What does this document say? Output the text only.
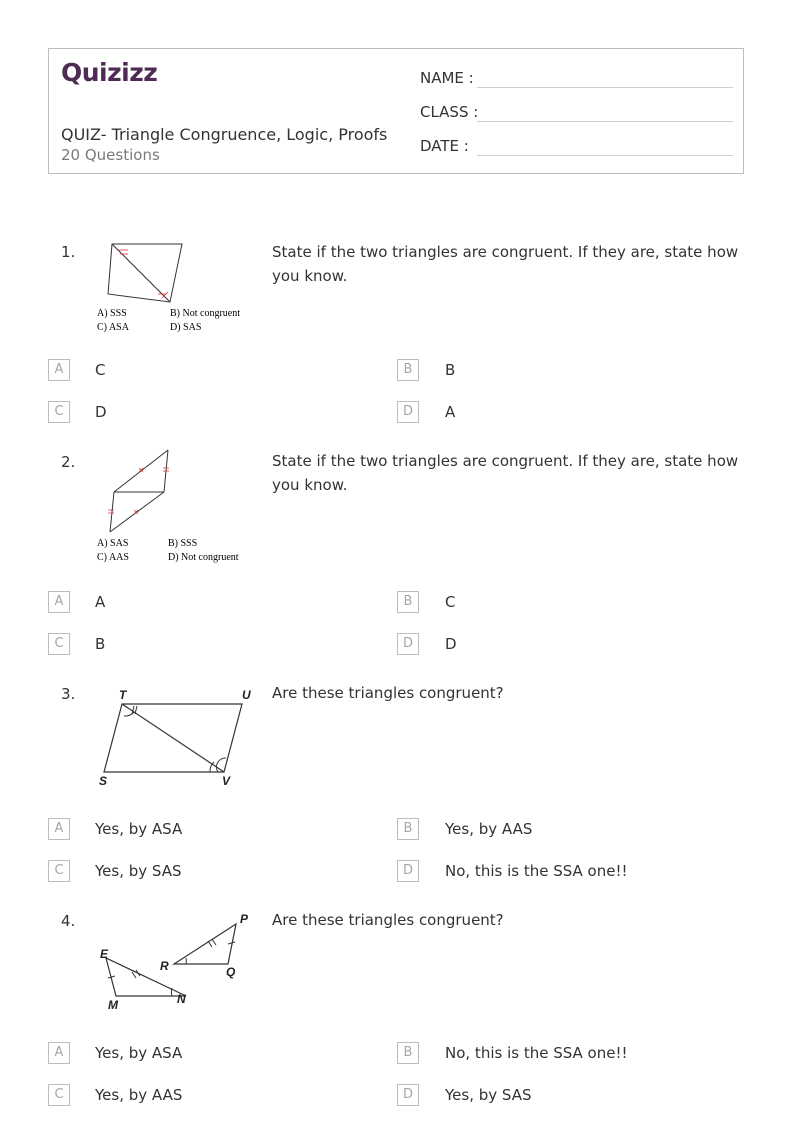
Quizizz
QUIZ- Triangle Congruence, Logic, Proofs
20 Questions
NAME :
CLASS :
DATE :
1.
A) SSS	B) Not congruent
C) ASA	D) SAS
State if the two triangles are congruent. If they are, state how you know.
A	C	B	B
C	D	D	A
2.
A) SAS	B) SSS
C) AAS	D) Not congruent
State if the two triangles are congruent. If they are, state how you know.
A	A	B	C
C	B	D	D
3.	T	U
S	V
Are these triangles congruent?
A	Yes, by ASA	B	Yes, by AAS
C	Yes, by SAS	D	No, this is the SSA one!!
4.	P
R	Q
E
M	N
Are these triangles congruent?
A	Yes, by ASA	B	No, this is the SSA one!!
C	Yes, by AAS	D	Yes, by SAS
